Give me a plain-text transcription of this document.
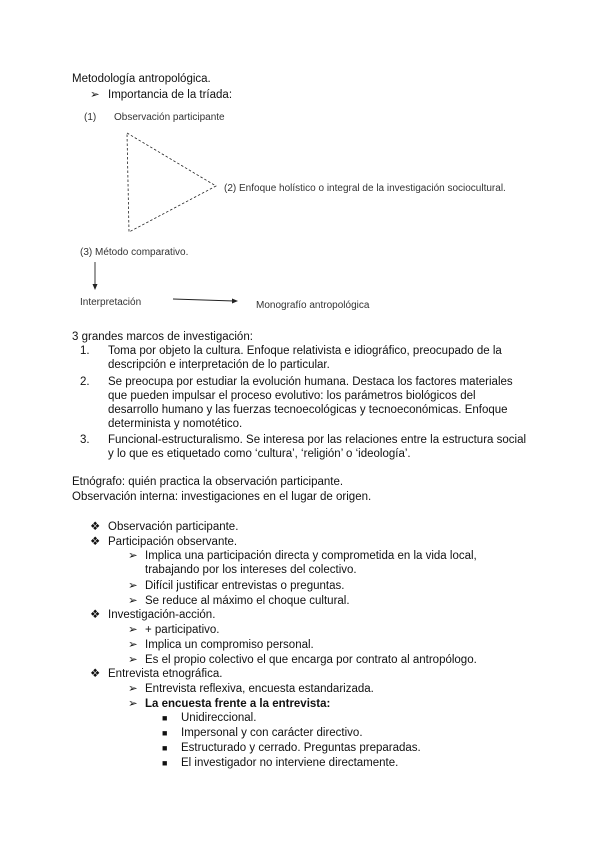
Metodología antropológica.
➢ Importancia de la tríada:
(1) Observación participante
(2) Enfoque holístico o integral de la investigación sociocultural.
(3) Método comparativo.
Interpretación	Monografío antropológica
3 grandes marcos de investigación:
1. Toma por objeto la cultura. Enfoque relativista e idiográfico, preocupado de la descripción e interpretación de lo particular.
2. Se preocupa por estudiar la evolución humana. Destaca los factores materiales que pueden impulsar el proceso evolutivo: los parámetros biológicos del desarrollo humano y las fuerzas tecnoecológicas y tecnoeconómicas. Enfoque determinista y nomotético.
3. Funcional-estructuralismo. Se interesa por las relaciones entre la estructura social y lo que es etiquetado como ‘cultura’, ‘religión’ o ‘ideología’.
Etnógrafo: quién practica la observación participante.
Observación interna: investigaciones en el lugar de origen.
❖ Observación participante.
❖ Participación observante.
➢ Implica una participación directa y comprometida en la vida local, trabajando por los intereses del colectivo.
➢ Difícil justificar entrevistas o preguntas.
➢ Se reduce al máximo el choque cultural.
❖ Investigación-acción.
➢ + participativo.
➢ Implica un compromiso personal.
➢ Es el propio colectivo el que encarga por contrato al antropólogo.
❖ Entrevista etnográfica.
➢ Entrevista reflexiva, encuesta estandarizada.
➢ La encuesta frente a la entrevista:
■ Unidireccional.
■ Impersonal y con carácter directivo.
■ Estructurado y cerrado. Preguntas preparadas.
■ El investigador no interviene directamente.
